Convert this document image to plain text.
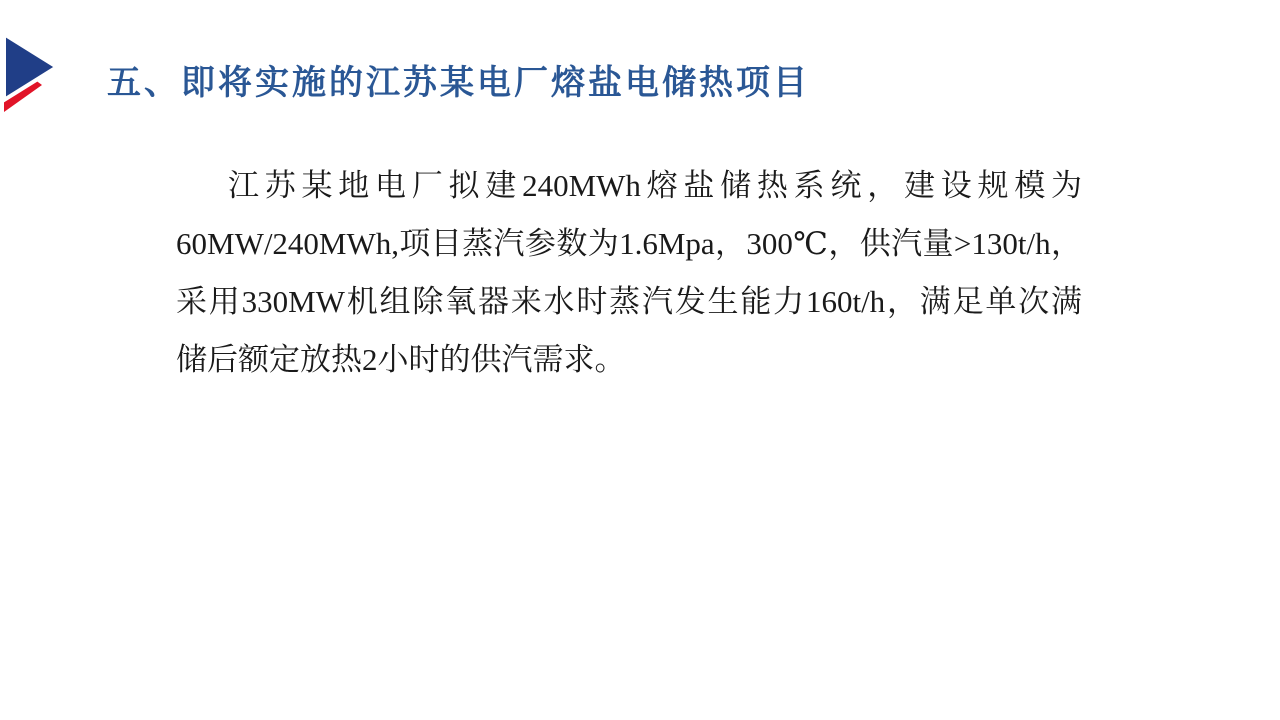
五、即将实施的江苏某电厂熔盐电储热项目
江苏某地电厂拟建240MWh熔盐储热系统，建设规模为
60MW/240MWh,项目蒸汽参数为1.6Mpa，300℃，供汽量>130t/h，
采用330MW机组除氧器来水时蒸汽发生能力160t/h，满足单次满
储后额定放热2小时的供汽需求。
